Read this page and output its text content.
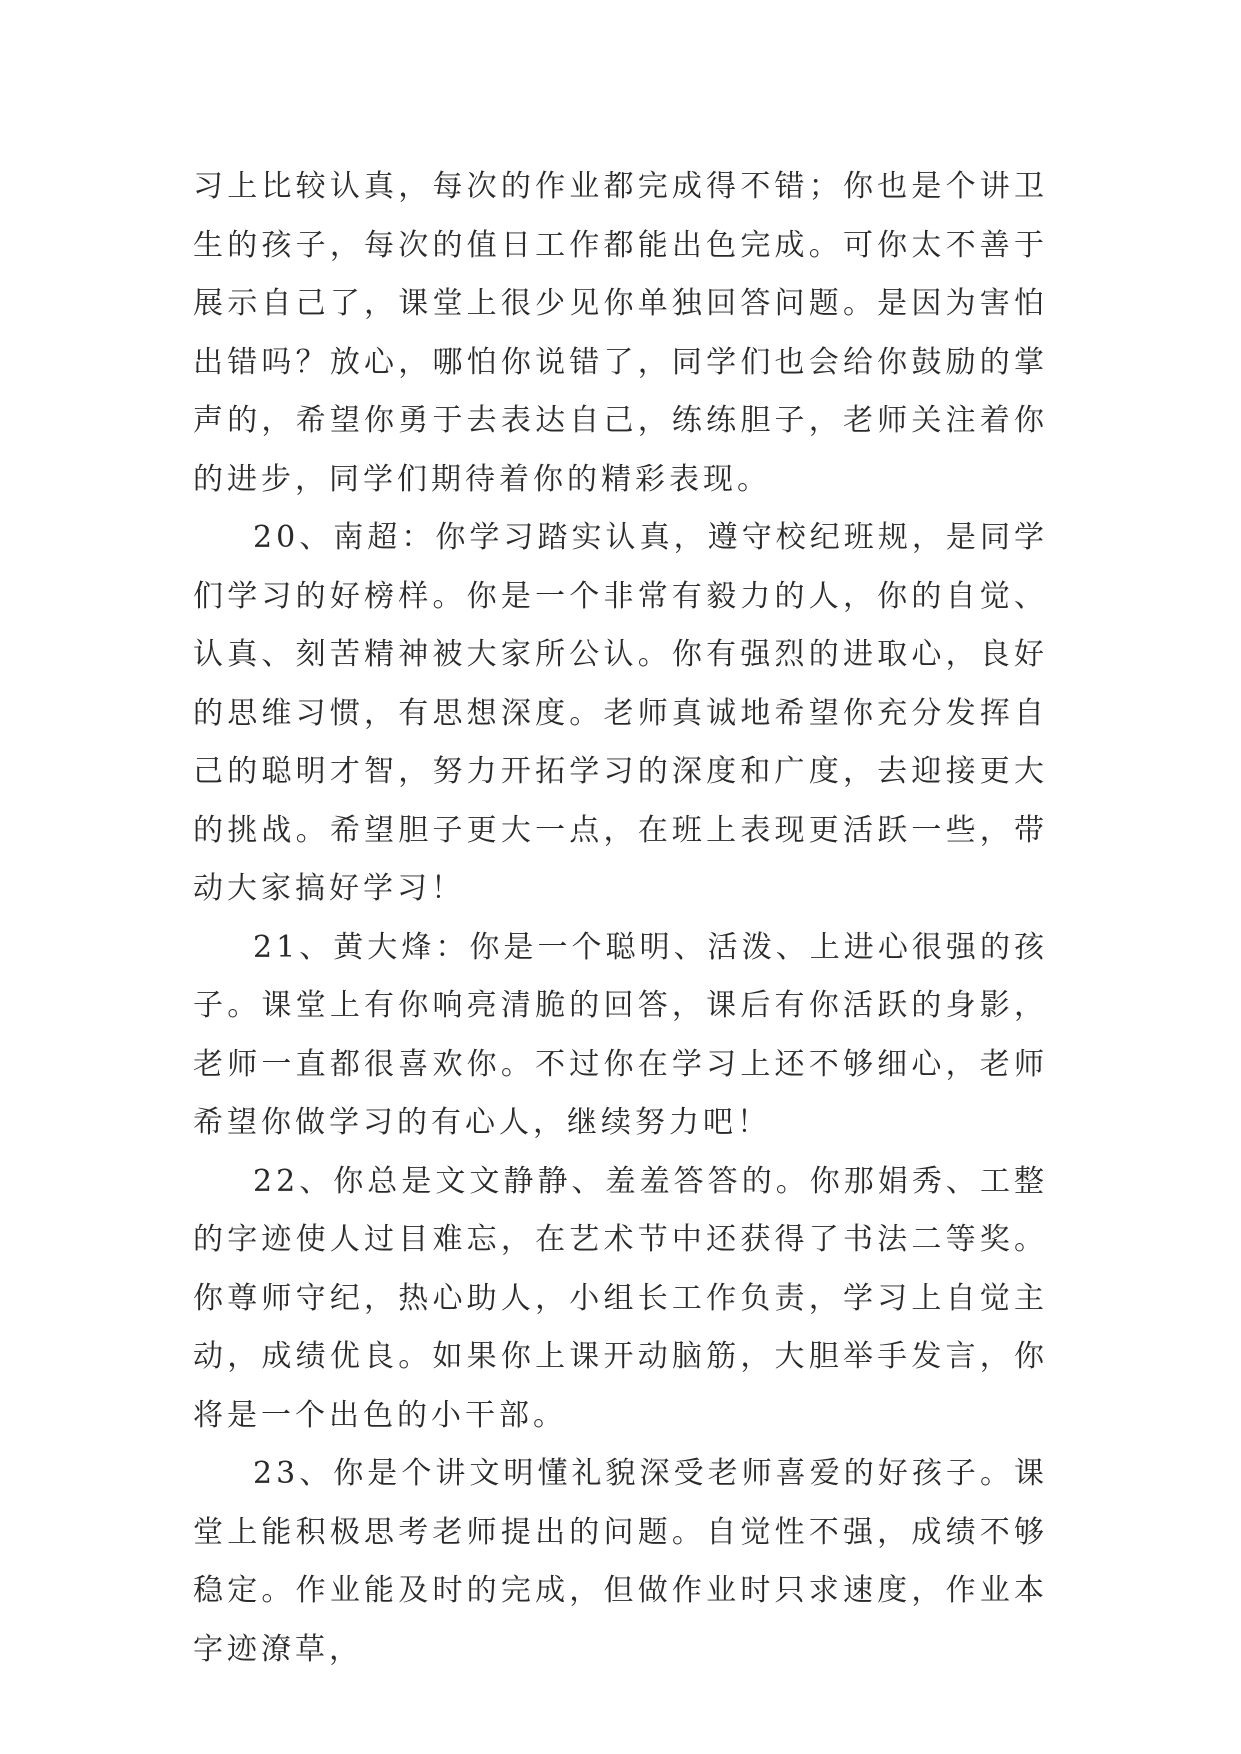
习上比较认真，每次的作业都完成得不错；你也是个讲卫生的孩子，每次的值日工作都能出色完成。可你太不善于展示自己了，课堂上很少见你单独回答问题。是因为害怕出错吗？放心，哪怕你说错了，同学们也会给你鼓励的掌声的，希望你勇于去表达自己，练练胆子，老师关注着你的进步，同学们期待着你的精彩表现。

20、南超：你学习踏实认真，遵守校纪班规，是同学们学习的好榜样。你是一个非常有毅力的人，你的自觉、认真、刻苦精神被大家所公认。你有强烈的进取心，良好的思维习惯，有思想深度。老师真诚地希望你充分发挥自己的聪明才智，努力开拓学习的深度和广度，去迎接更大的挑战。希望胆子更大一点，在班上表现更活跃一些，带动大家搞好学习！

21、黄大烽：你是一个聪明、活泼、上进心很强的孩子。课堂上有你响亮清脆的回答，课后有你活跃的身影，老师一直都很喜欢你。不过你在学习上还不够细心，老师希望你做学习的有心人，继续努力吧！

22、你总是文文静静、羞羞答答的。你那娟秀、工整的字迹使人过目难忘，在艺术节中还获得了书法二等奖。你尊师守纪，热心助人，小组长工作负责，学习上自觉主动，成绩优良。如果你上课开动脑筋，大胆举手发言，你将是一个出色的小干部。

23、你是个讲文明懂礼貌深受老师喜爱的好孩子。课堂上能积极思考老师提出的问题。自觉性不强，成绩不够稳定。作业能及时的完成，但做作业时只求速度，作业本字迹潦草，
